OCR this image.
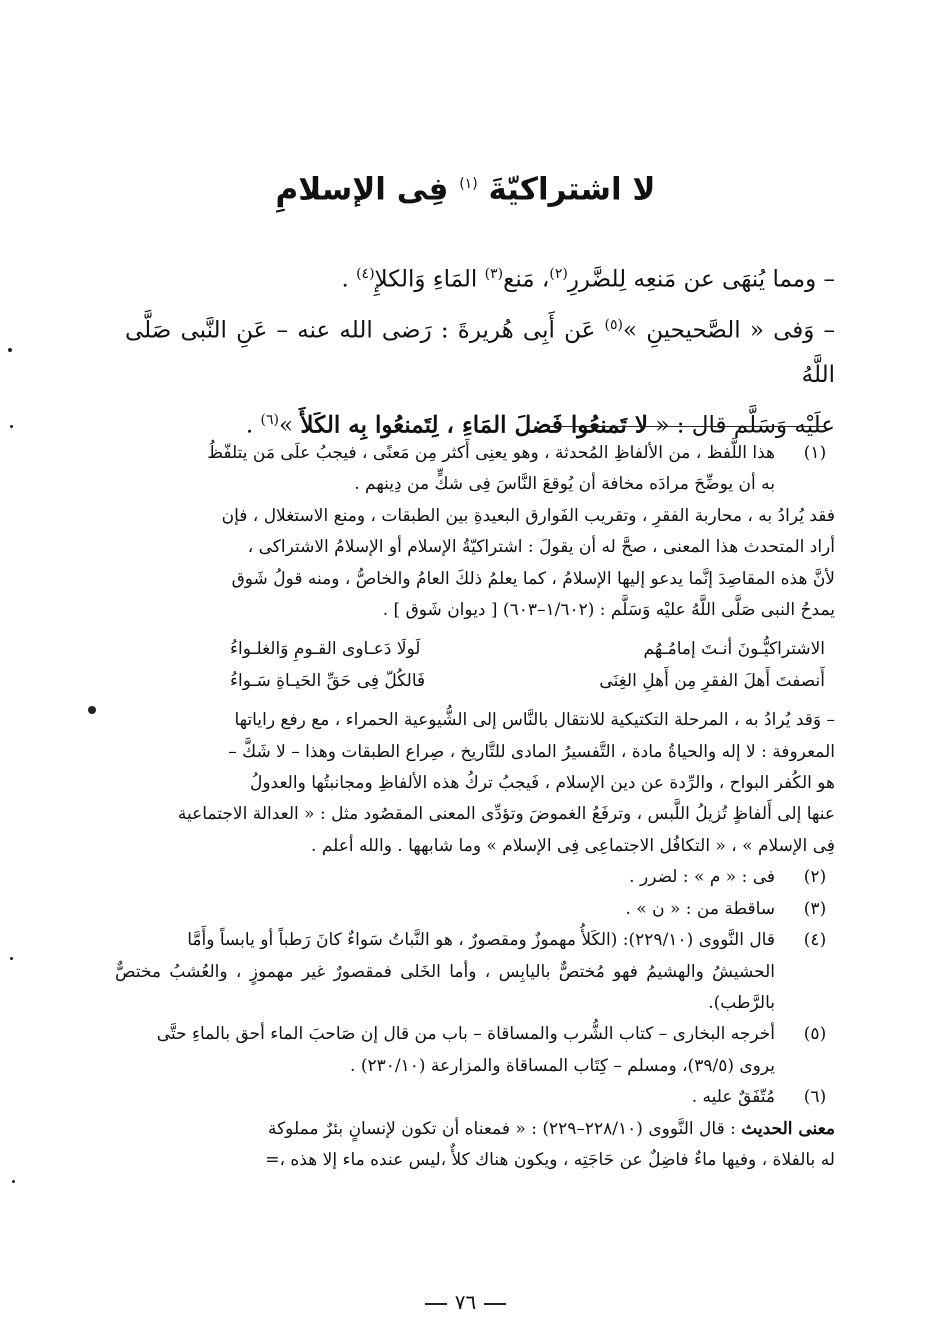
لا اشتراكيّةَ $^{(١)}$ فِى الإسلامِ

– ومما يُنهَى عن مَنعِه لِلضَّررِ$^{(٢)}$، مَنع$^{(٣)}$ المَاءِ وَالكلإِ$^{(٤)}$ .

– وَفى « الصَّحيحينِ »$^{(٥)}$ عَن أَبِى هُريرةَ : رَضى الله عنه – عَنِ النَّبى صَلَّى اللَّهُ

علَيْه وَسَلَّم قال : « لا تَمنعُوا فَضلَ المَاءِ ، لِتَمنعُوا بِه الكَلأَ »$^{(٦)}$ .

(١)

هذا اللَّفظ ، من الألفاظِ المُحدثة ، وهو يعنِى أَكثر مِن مَعنًى ، فيجبُ علَى مَن يتلفّظُ

به أن يوضِّحَ مرادَه مخافة أن يُوقعَ النَّاسَ فِى شكٍّ من دِينهم .

فقد يُرادُ به ، محاربة الفقرِ ، وتقريب الفَوارق البعيدةِ بين الطبقات ، ومنع الاستغلال ، فإن

أراد المتحدث هذا المعنى ، صحَّ له أن يقولَ : اشتراكيّةُ الإسلام أو الإسلامُ الاشتراكى ،

لأنَّ هذه المقاصِدَ إنَّما يدعو إليها الإسلامُ ، كما يعلمُ ذلكَ العامُ والخاصُّ ، ومنه قولُ شَوق

يمدحُ النبى صَلَّى اللَّهُ عليْه وَسَلَّم : (١/٦٠٢–٦٠٣) [ ديوان شَوق ] .

الاشتراكيُّـونَ أنـتَ إمامُـهُم
لَولَا دَعـاوى القـومِ وَالغلـواءُ
أَنصفتَ أَهلَ الفقرِ مِن أَهلِ الغِنَى
فَالكُلّ فِى حَقِّ الحَيـاةِ سَـواءُ

– وَقد يُرادُ به ، المرحلة التكتيكية للانتقال بالنَّاس إلى الشُّيوعية الحمراء ، مع رفع راياتها

المعروفة : لا إله والحياةُ مادة ، التَّفسيرُ المادى للتَّاريخ ، صِراع الطبقات وهذا – لا شَكَّ –

هو الكُفر البواح ، والرِّدة عن دين الإسلام ، فَيجبُ تركُ هذه الألفاظِ ومجانبتُها والعدولُ

عنها إلى أَلفاظٍ تُزيلُ اللَّبس ، وترفَعُ الغموضَ وتؤدِّى المعنى المقصُود مثل : « العدالة الاجتماعية

فِى الإسلام » ، « التكافُل الاجتماعِى فِى الإسلام » وما شابهها . والله أعلم .

(٢)

فى : « م » : لضرر .

(٣)

ساقطة من : « ن » .

(٤)

قال النَّووى (٢٢٩/١٠): (الكَلأُ مهموزٌ ومقصورٌ ، هو النَّباتُ سَواءٌ كانَ رَطباً أو يابساً وأَمَّا

الحشيشُ والهشيمُ فهو مُختصٌّ باليابِس ، وأما الخَلى فمقصورٌ غير مهموزٍ ، والعُشبُ مختصٌّ بالرَّطب).

(٥)

أخرجه البخارى – كتاب الشُّرب والمساقاة – باب من قال إن صَاحبَ الماء أحق بالماءِ حتَّى

يروى (٣٩/٥)، ومسلم – كِتَاب المساقاة والمزارعة (٢٣٠/١٠) .

(٦)

مُتّفَقٌ عليه .

معنى الحديث : قال النَّووى (٢٢٨/١٠–٢٢٩) : « فمعناه أن تكون لإنسانٍ بئرٌ مملوكة

له بالفلاة ، وفيها ماءٌ فاضِلٌ عن حَاجَتِه ، ويكون هناك كلأٌ ،ليس عنده ماء إلا هذه ،=

٧٦
